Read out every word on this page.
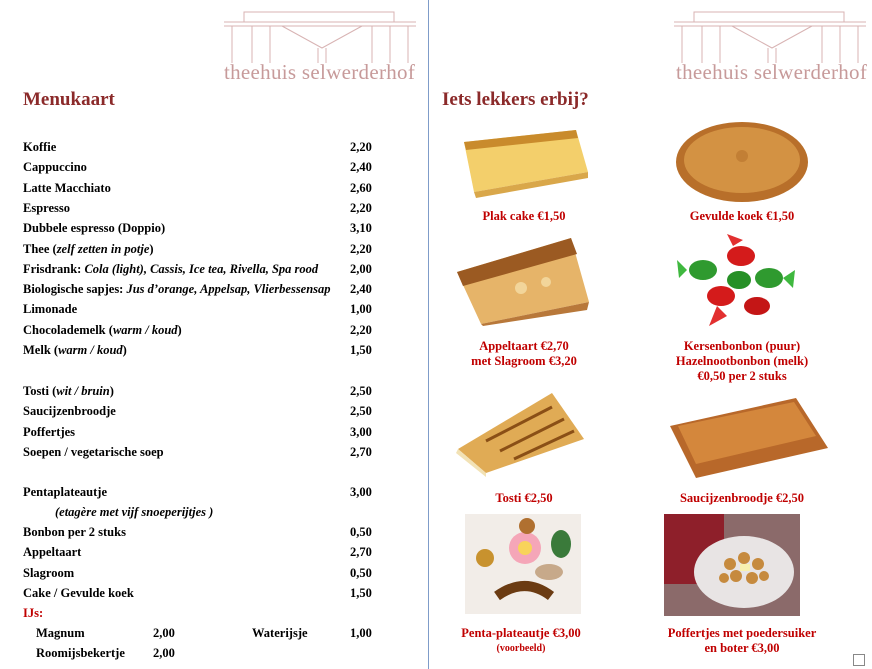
theehuis selwerderhof	theehuis selwerderhof
Menukaart
Koffie	2,20
Cappuccino	2,40
Latte Macchiato	2,60
Espresso	2,20
Dubbele espresso (Doppio)	3,10
Thee (zelf zetten in potje)	2,20
Frisdrank: Cola (light), Cassis, Ice tea, Rivella, Spa rood	2,00
Biologische sapjes: Jus d’orange, Appelsap, Vlierbessensap 2,40
Limonade	1,00
Chocolademelk (warm / koud)	2,20
Melk (warm / koud)	1,50
Tosti (wit / bruin)	2,50
Saucijzenbroodje	2,50
Poffertjes	3,00
Soepen / vegetarische soep	2,70
Bonbon per 2 stuks	0,50
Appeltaart	2,70
Slagroom	0,50
Cake / Gevulde koek	1,50
Pentaplateautje	3,00
(etagère met vijf snoeperijtjes )
IJs:
Magnum	2,00	Waterijsje	1,00
Roomijsbekertje 2,00
Iets lekkers erbij?
Plak cake €1,50	Gevulde koek €1,50
Appeltaart €2,70
met Slagroom €3,20
Kersenbonbon (puur)
Hazelnootbonbon (melk)
€0,50 per 2 stuks
Tosti €2,50	Saucijzenbroodje €2,50
Penta-plateautje €3,00
(voorbeeld)
Poffertjes met poedersuiker
en boter €3,00
